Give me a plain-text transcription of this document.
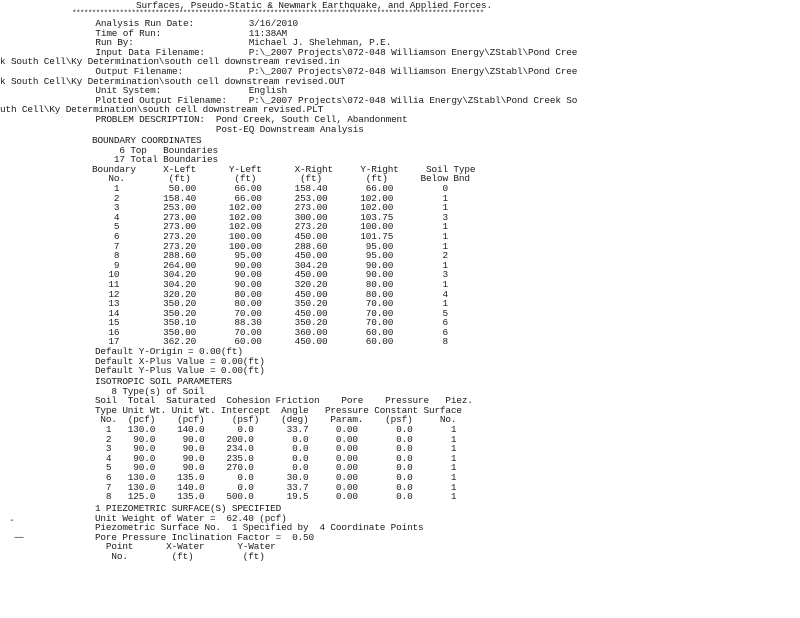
Surfaces, Pseudo-Static & Newmark Earthquake, and Applied Forces.
********************************************************************************************************
Analysis Run Date:          3/16/2010
Time of Run:                11:38AM
Run By:                     Michael J. Shelehman, P.E.
Input Data Filename:        P:\_2007 Projects\072-048 Williamson Energy\ZStabl\Pond Cree
k South Cell\Ky Determination\south cell downstream revised.in
Output Filename:            P:\_2007 Projects\072-048 Williamson Energy\ZStabl\Pond Cree
k South Cell\Ky Determination\south cell downstream revised.OUT
Unit System:                English
Plotted Output Filename:    P:\_2007 Projects\072-048 Willia Energy\ZStabl\Pond Creek So
uth Cell\Ky Determination\south cell downstream revised.PLT
PROBLEM DESCRIPTION:  Pond Creek, South Cell, Abandonment
Post-EQ Downstream Analysis
BOUNDARY COORDINATES
6 Top   Boundaries
17 Total Boundaries
Boundary     X-Left      Y-Left      X-Right     Y-Right     Soil Type
No.        (ft)        (ft)        (ft)        (ft)      Below Bnd
1         50.00       66.00      158.40       66.00         0
2        158.40       66.00      253.00      102.00         1
3        253.00      102.00      273.00      102.00         1
4        273.00      102.00      300.00      103.75         3
5        273.00      102.00      273.20      100.00         1
6        273.20      100.00      450.00      101.75         1
7        273.20      100.00      288.60       95.00         1
8        288.60       95.00      450.00       95.00         2
9        264.00       90.00      304.20       90.00         1
10        304.20       90.00      450.00       90.00         3
11        304.20       90.00      320.20       80.00         1
12        320.20       80.00      450.00       80.00         4
13        350.20       80.00      350.20       70.00         1
14        350.20       70.00      450.00       70.00         5
15        350.10       88.30      350.20       70.00         6
16        350.00       70.00      360.00       60.00         6
17        362.20       60.00      450.00       60.00         8
Default Y-Origin = 0.00(ft)
Default X-Plus Value = 0.00(ft)
Default Y-Plus Value = 0.00(ft)
ISOTROPIC SOIL PARAMETERS
8 Type(s) of Soil
Soil  Total  Saturated  Cohesion Friction    Pore    Pressure   Piez.
Type Unit Wt. Unit Wt. Intercept  Angle   Pressure Constant Surface
No.  (pcf)    (pcf)     (psf)    (deg)    Param.    (psf)     No.
1   130.0    140.0      0.0      33.7     0.00       0.0       1
2    90.0     90.0    200.0       0.0     0.00       0.0       1
3    90.0     90.0    234.0       0.0     0.00       0.0       1
4    90.0     90.0    235.0       0.0     0.00       0.0       1
5    90.0     90.0    270.0       0.0     0.00       0.0       1
6   130.0    135.0      0.0      30.0     0.00       0.0       1
7   130.0    140.0      0.0      33.7     0.00       0.0       1
8   125.0    135.0    500.0      19.5     0.00       0.0       1
1 PIEZOMETRIC SURFACE(S) SPECIFIED
Unit Weight of Water =  62.40 (pcf)
Piezometric Surface No.  1 Specified by  4 Coordinate Points
Pore Pressure Inclination Factor =  0.50
Point      X-Water      Y-Water
No.        (ft)         (ft)
-
—
